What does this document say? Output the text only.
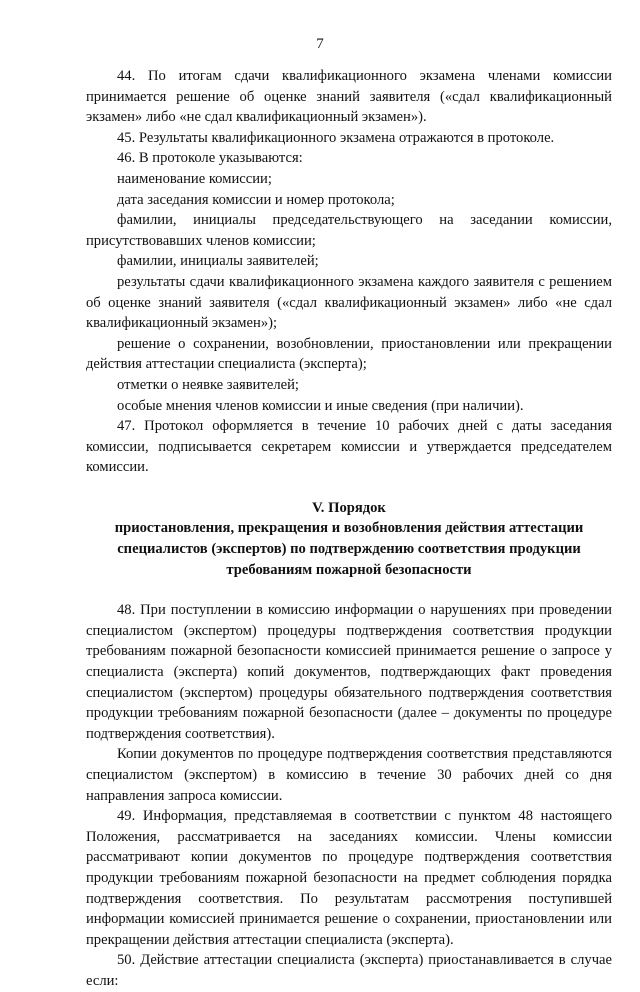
7

44. По итогам сдачи квалификационного экзамена членами комиссии принимается решение об оценке знаний заявителя («сдал квалификационный экзамен» либо «не сдал квалификационный экзамен»).

45. Результаты квалификационного экзамена отражаются в протоколе.

46. В протоколе указываются:

наименование комиссии;

дата заседания комиссии и номер протокола;

фамилии, инициалы председательствующего на заседании комиссии, присутствовавших членов комиссии;

фамилии, инициалы заявителей;

результаты сдачи квалификационного экзамена каждого заявителя с решением об оценке знаний заявителя («сдал квалификационный экзамен» либо «не сдал квалификационный экзамен»);

решение о сохранении, возобновлении, приостановлении или прекращении действия аттестации специалиста (эксперта);

отметки о неявке заявителей;

особые мнения членов комиссии и иные сведения (при наличии).

47. Протокол оформляется в течение 10 рабочих дней с даты заседания комиссии, подписывается секретарем комиссии и утверждается председателем комиссии.

V. Порядок
приостановления, прекращения и возобновления действия аттестации специалистов (экспертов) по подтверждению соответствия продукции требованиям пожарной безопасности

48. При поступлении в комиссию информации о нарушениях при проведении специалистом (экспертом) процедуры подтверждения соответствия продукции требованиям пожарной безопасности комиссией принимается решение о запросе у специалиста (эксперта) копий документов, подтверждающих факт проведения специалистом (экспертом) процедуры обязательного подтверждения соответствия продукции требованиям пожарной безопасности (далее – документы по процедуре подтверждения соответствия).

Копии документов по процедуре подтверждения соответствия представляются специалистом (экспертом) в комиссию в течение 30 рабочих дней со дня направления запроса комиссии.

49. Информация, представляемая в соответствии с пунктом 48 настоящего Положения, рассматривается на заседаниях комиссии. Члены комиссии рассматривают копии документов по процедуре подтверждения соответствия продукции требованиям пожарной безопасности на предмет соблюдения порядка подтверждения соответствия. По результатам рассмотрения поступившей информации комиссией принимается решение о сохранении, приостановлении или прекращении действия аттестации специалиста (эксперта).

50. Действие аттестации специалиста (эксперта) приостанавливается в случае если:
